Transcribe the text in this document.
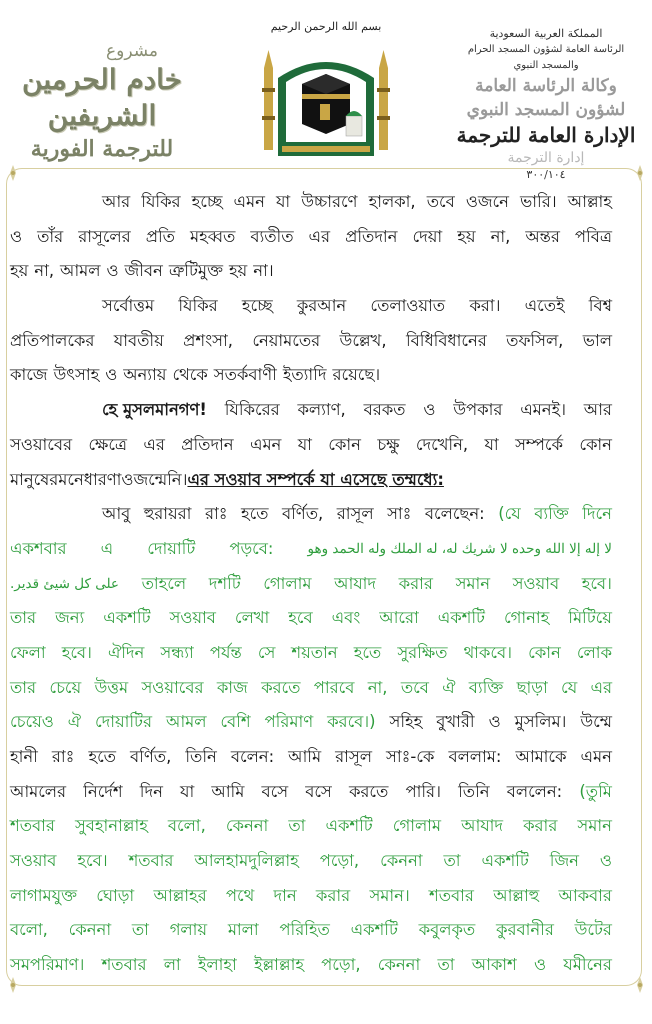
مشروع
خادم الحرمين الشريفين
للترجمة الفورية
بسم الله الرحمن الرحيم
المملكة العربية السعودية
الرئاسة العامة لشؤون المسجد الحرام والمسجد النبوي
وكالة الرئاسة العامة لشؤون المسجد النبوي
الإدارة العامة للترجمة
إدارة الترجمة
٣٠٠/١٠٤
আর যিকির হচ্ছে এমন যা উচ্চারণে হালকা, তবে ওজনে ভারি। আল্লাহ
ও তাঁর রাসূলের প্রতি মহব্বত ব্যতীত এর প্রতিদান দেয়া হয় না, অন্তর পবিত্র
হয় না, আমল ও জীবন ত্রুটিমুক্ত হয় না।
সর্বোত্তম যিকির হচ্ছে কুরআন তেলাওয়াত করা। এতেই বিশ্ব
প্রতিপালকের যাবতীয় প্রশংসা, নেয়ামতের উল্লেখ, বিধিবিধানের তফসিল, ভাল
কাজে উৎসাহ ও অন্যায় থেকে সতর্কবাণী ইত্যাদি রয়েছে।
হে মুসলমানগণ! যিকিরের কল্যাণ, বরকত ও উপকার এমনই। আর
সওয়াবের ক্ষেত্রে এর প্রতিদান এমন যা কোন চক্ষু দেখেনি, যা সম্পর্কে কোন
মানুষের মনে ধারণাও জন্মেনি। এর সওয়াব সম্পর্কে যা এসেছে তম্মধ্যে:
আবু হুরায়রা রাঃ হতে বর্ণিত, রাসূল সাঃ বলেছেন: (যে ব্যক্তি দিনে
একশবার এ দোয়াটি পড়বে:	لا إله إلا الله وحده لا شريك له، له الملك وله الحمد وهو
على كل شيئ قدير. তাহলে দশটি গোলাম আযাদ করার সমান সওয়াব হবে।
তার জন্য একশটি সওয়াব লেখা হবে এবং আরো একশটি গোনাহ মিটিয়ে
ফেলা হবে। ঐদিন সন্ধ্যা পর্যন্ত সে শয়তান হতে সুরক্ষিত থাকবে। কোন লোক
তার চেয়ে উত্তম সওয়াবের কাজ করতে পারবে না, তবে ঐ ব্যক্তি ছাড়া যে এর
চেয়েও ঐ দোয়াটির আমল বেশি পরিমাণ করবে।) সহিহ বুখারী ও মুসলিম। উম্মে
হানী রাঃ হতে বর্ণিত, তিনি বলেন: আমি রাসূল সাঃ-কে বললাম: আমাকে এমন
আমলের নির্দেশ দিন যা আমি বসে বসে করতে পারি। তিনি বললেন: (তুমি
শতবার সুবহানাল্লাহ বলো, কেননা তা একশটি গোলাম আযাদ করার সমান
সওয়াব হবে। শতবার আলহামদুলিল্লাহ পড়ো, কেননা তা একশটি জিন ও
লাগামযুক্ত ঘোড়া আল্লাহর পথে দান করার সমান। শতবার আল্লাহু আকবার
বলো, কেননা তা গলায় মালা পরিহিত একশটি কবুলকৃত কুরবানীর উটের
সমপরিমাণ। শতবার লা ইলাহা ইল্লাল্লাহ পড়ো, কেননা তা আকাশ ও যমীনের
